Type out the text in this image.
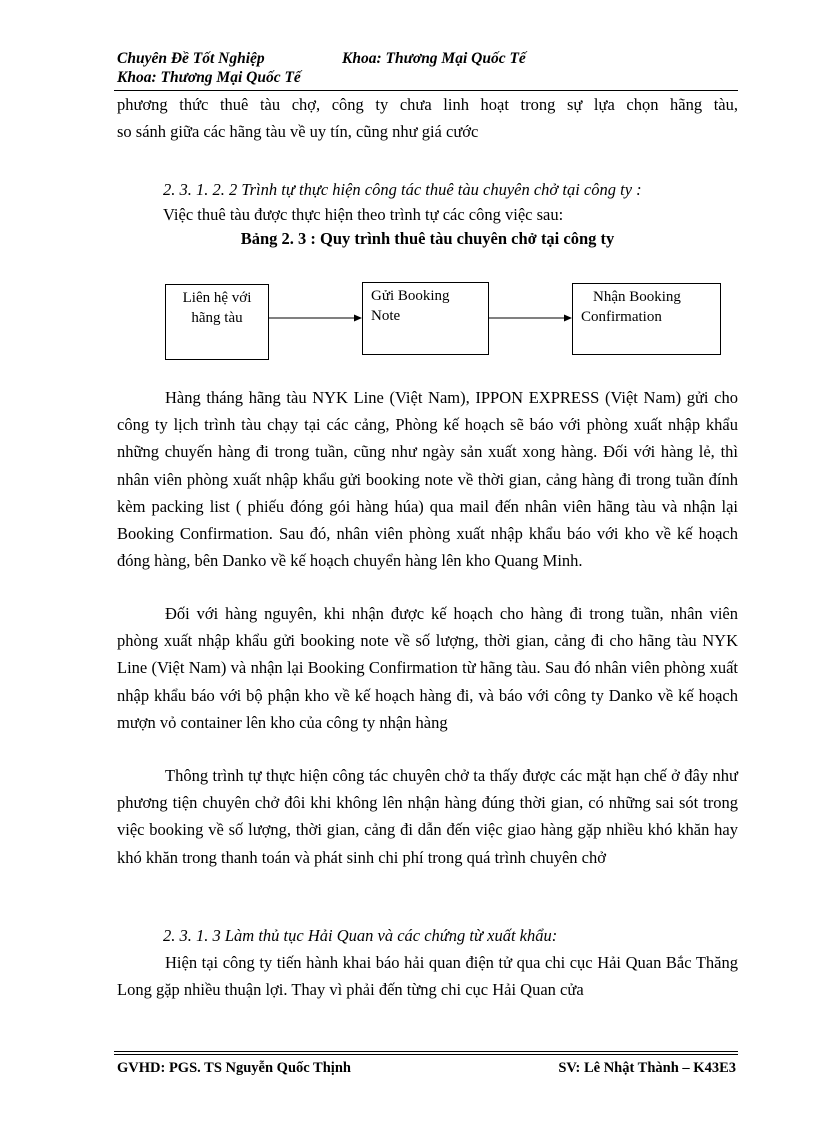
Chuyên Đề Tốt Nghiệp	Khoa: Thương Mại Quốc Tế
Khoa: Thương Mại Quốc Tế
phương thức thuê tàu chợ, công ty chưa linh hoạt trong sự lựa chọn hãng tàu,
so sánh giữa các hãng tàu về uy tín, cũng như giá cước
2. 3. 1. 2. 2 Trình tự thực hiện công tác thuê tàu chuyên chở tại công ty :
Việc thuê tàu được thực hiện theo trình tự các công việc sau:
Bảng 2. 3 : Quy trình thuê tàu chuyên chở tại công ty
Liên hệ với
hãng tàu
Gửi Booking
Note
Nhận Booking
Confirmation

Hàng tháng hãng tàu NYK Line (Việt Nam), IPPON EXPRESS (Việt Nam) gửi cho công ty lịch trình tàu chạy tại các cảng, Phòng kế hoạch sẽ báo với phòng xuất nhập khẩu những chuyến hàng đi trong tuần, cũng như ngày sản xuất xong hàng. Đối với hàng lẻ, thì nhân viên phòng xuất nhập khẩu gửi booking note về thời gian, cảng hàng đi trong tuần đính kèm packing list ( phiếu đóng gói hàng húa) qua mail đến nhân viên hãng tàu và nhận lại Booking Confirmation. Sau đó, nhân viên phòng xuất nhập khẩu báo với kho về kế hoạch đóng hàng, bên Danko về kế hoạch chuyển hàng lên kho Quang Minh.

Đối với hàng nguyên, khi nhận được kế hoạch cho hàng đi trong tuần, nhân viên phòng xuất nhập khẩu gửi booking note về số lượng, thời gian, cảng đi cho hãng tàu NYK Line (Việt Nam) và nhận lại Booking Confirmation từ hãng tàu. Sau đó nhân viên phòng xuất nhập khẩu báo với bộ phận kho về kế hoạch hàng đi, và báo với công ty Danko về kế hoạch mượn vỏ container lên kho của công ty nhận hàng

Thông trình tự thực hiện công tác chuyên chở ta thấy được các mặt hạn chế ở đây như phương tiện chuyên chở đôi khi không lên nhận hàng đúng thời gian, có những sai sót trong việc booking về số lượng, thời gian, cảng đi dẫn đến việc giao hàng gặp nhiều khó khăn hay khó khăn trong thanh toán và phát sinh chi phí trong quá trình chuyên chở

2. 3. 1. 3 Làm thủ tục Hải Quan và các chứng từ xuất khẩu:

Hiện tại công ty tiến hành khai báo hải quan điện tử qua chi cục Hải Quan Bắc Thăng Long gặp nhiều thuận lợi. Thay vì phải đến từng chi cục Hải Quan cửa

GVHD: PGS. TS Nguyễn Quốc Thịnh	SV: Lê Nhật Thành – K43E3
